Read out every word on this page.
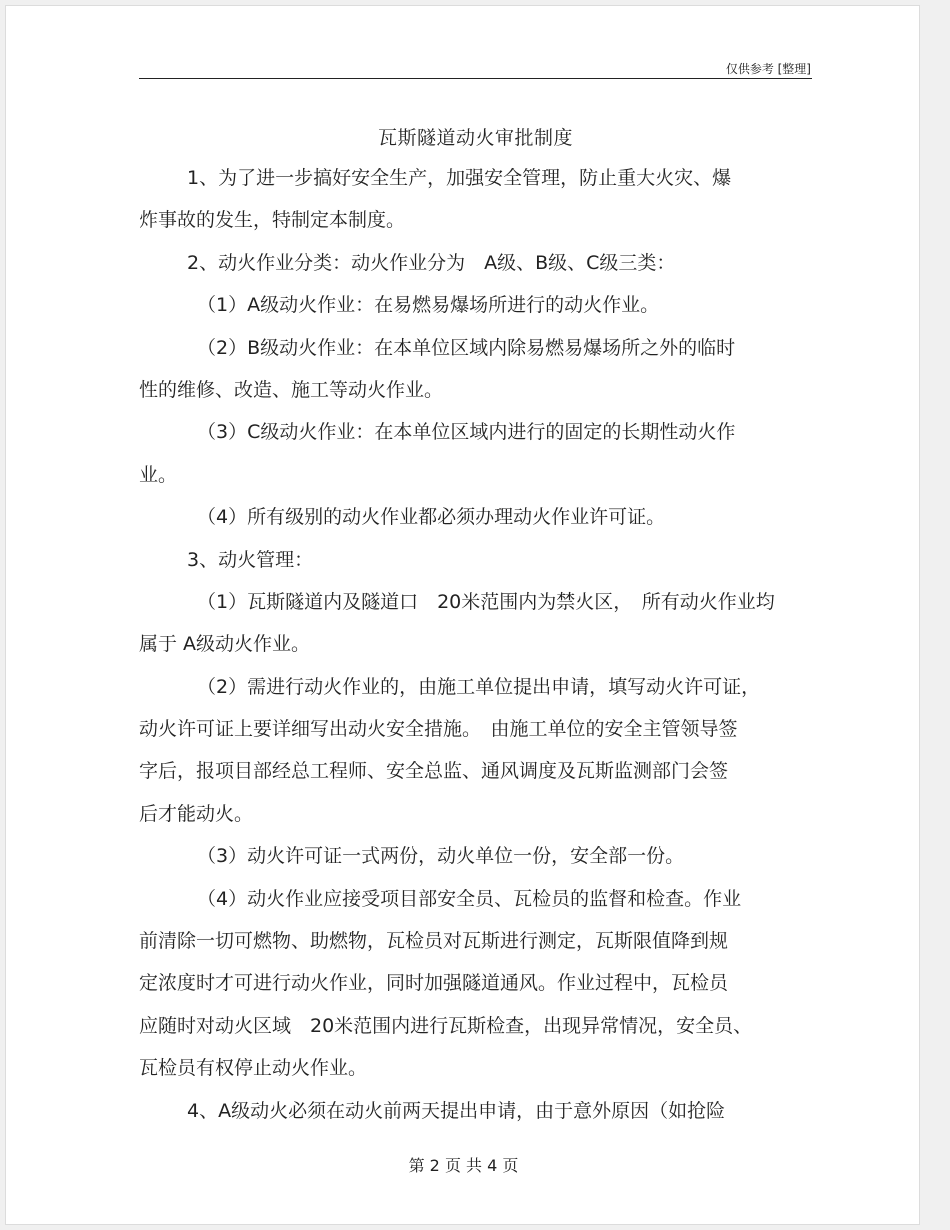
仅供参考 [整理]
瓦斯隧道动火审批制度
1、为了进一步搞好安全生产，加强安全管理，防止重大火灾、爆
炸事故的发生，特制定本制度。
2、动火作业分类：动火作业分为　A级、B级、C级三类：
（1）A级动火作业：在易燃易爆场所进行的动火作业。
（2）B级动火作业：在本单位区域内除易燃易爆场所之外的临时
性的维修、改造、施工等动火作业。
（3）C级动火作业：在本单位区域内进行的固定的长期性动火作
业。
（4）所有级别的动火作业都必须办理动火作业许可证。
3、动火管理：
（1）瓦斯隧道内及隧道口　20米范围内为禁火区，　所有动火作业均
属于 A级动火作业。
（2）需进行动火作业的，由施工单位提出申请，填写动火许可证，
动火许可证上要详细写出动火安全措施。　由施工单位的安全主管领导签
字后，报项目部经总工程师、安全总监、通风调度及瓦斯监测部门会签
后才能动火。
（3）动火许可证一式两份，动火单位一份，安全部一份。
（4）动火作业应接受项目部安全员、瓦检员的监督和检查。作业
前清除一切可燃物、助燃物，瓦检员对瓦斯进行测定，瓦斯限值降到规
定浓度时才可进行动火作业，同时加强隧道通风。作业过程中，瓦检员
应随时对动火区域　20米范围内进行瓦斯检查，出现异常情况，安全员、
瓦检员有权停止动火作业。
4、A级动火必须在动火前两天提出申请，由于意外原因（如抢险
第 2 页 共 4 页
